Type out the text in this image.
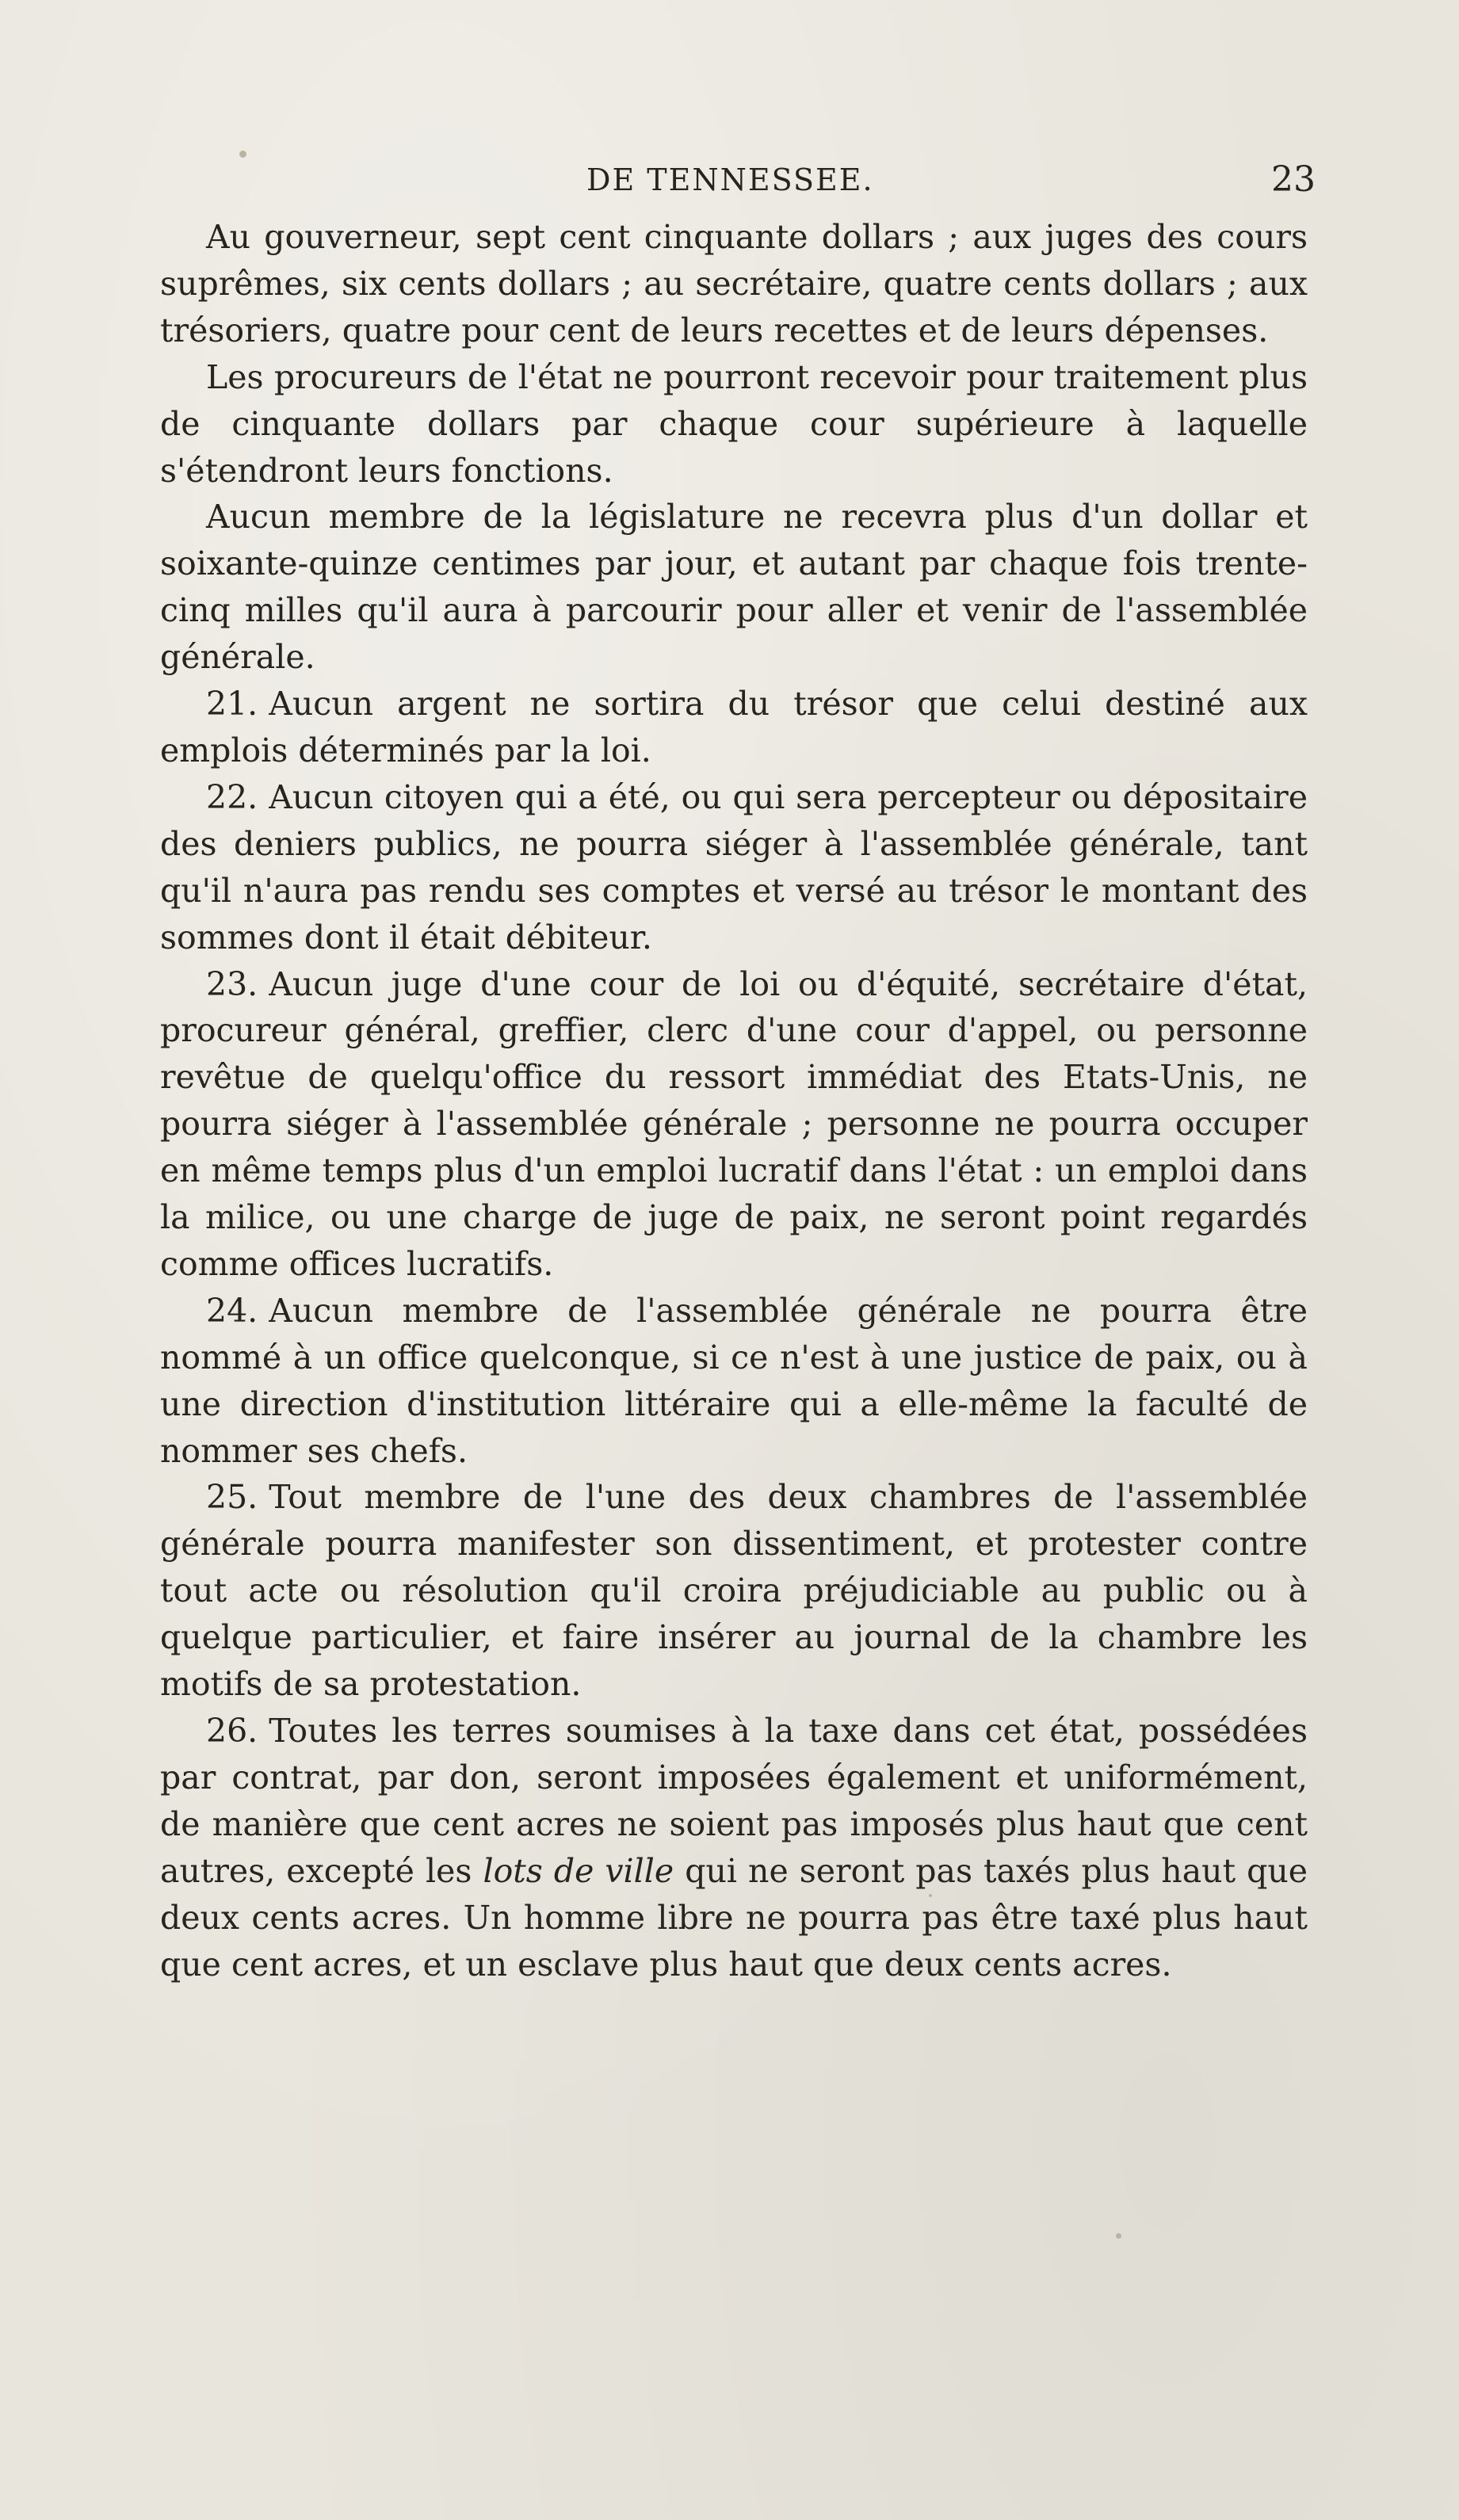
DE TENNESSEE.	23

Au gouverneur, sept cent cinquante dollars ; aux juges des cours suprêmes, six cents dollars ; au secrétaire, quatre cents dollars ; aux trésoriers, quatre pour cent de leurs recettes et de leurs dépenses.

Les procureurs de l'état ne pourront recevoir pour traitement plus de cinquante dollars par chaque cour supérieure à laquelle s'étendront leurs fonctions.

Aucun membre de la législature ne recevra plus d'un dollar et soixante-quinze centimes par jour, et autant par chaque fois trente-cinq milles qu'il aura à parcourir pour aller et venir de l'assemblée générale.

21. Aucun argent ne sortira du trésor que celui destiné aux emplois déterminés par la loi.

22. Aucun citoyen qui a été, ou qui sera percepteur ou dépositaire des deniers publics, ne pourra siéger à l'assemblée générale, tant qu'il n'aura pas rendu ses comptes et versé au trésor le montant des sommes dont il était débiteur.

23. Aucun juge d'une cour de loi ou d'équité, secrétaire d'état, procureur général, greffier, clerc d'une cour d'appel, ou personne revêtue de quelqu'office du ressort immédiat des Etats-Unis, ne pourra siéger à l'assemblée générale ; personne ne pourra occuper en même temps plus d'un emploi lucratif dans l'état : un emploi dans la milice, ou une charge de juge de paix, ne seront point regardés comme offices lucratifs.

24. Aucun membre de l'assemblée générale ne pourra être nommé à un office quelconque, si ce n'est à une justice de paix, ou à une direction d'institution littéraire qui a elle-même la faculté de nommer ses chefs.

25. Tout membre de l'une des deux chambres de l'assemblée générale pourra manifester son dissentiment, et protester contre tout acte ou résolution qu'il croira préjudiciable au public ou à quelque particulier, et faire insérer au journal de la chambre les motifs de sa protestation.

26. Toutes les terres soumises à la taxe dans cet état, possédées par contrat, par don, seront imposées également et uniformément, de manière que cent acres ne soient pas imposés plus haut que cent autres, excepté les lots de ville qui ne seront pas taxés plus haut que deux cents acres. Un homme libre ne pourra pas être taxé plus haut que cent acres, et un esclave plus haut que deux cents acres.
